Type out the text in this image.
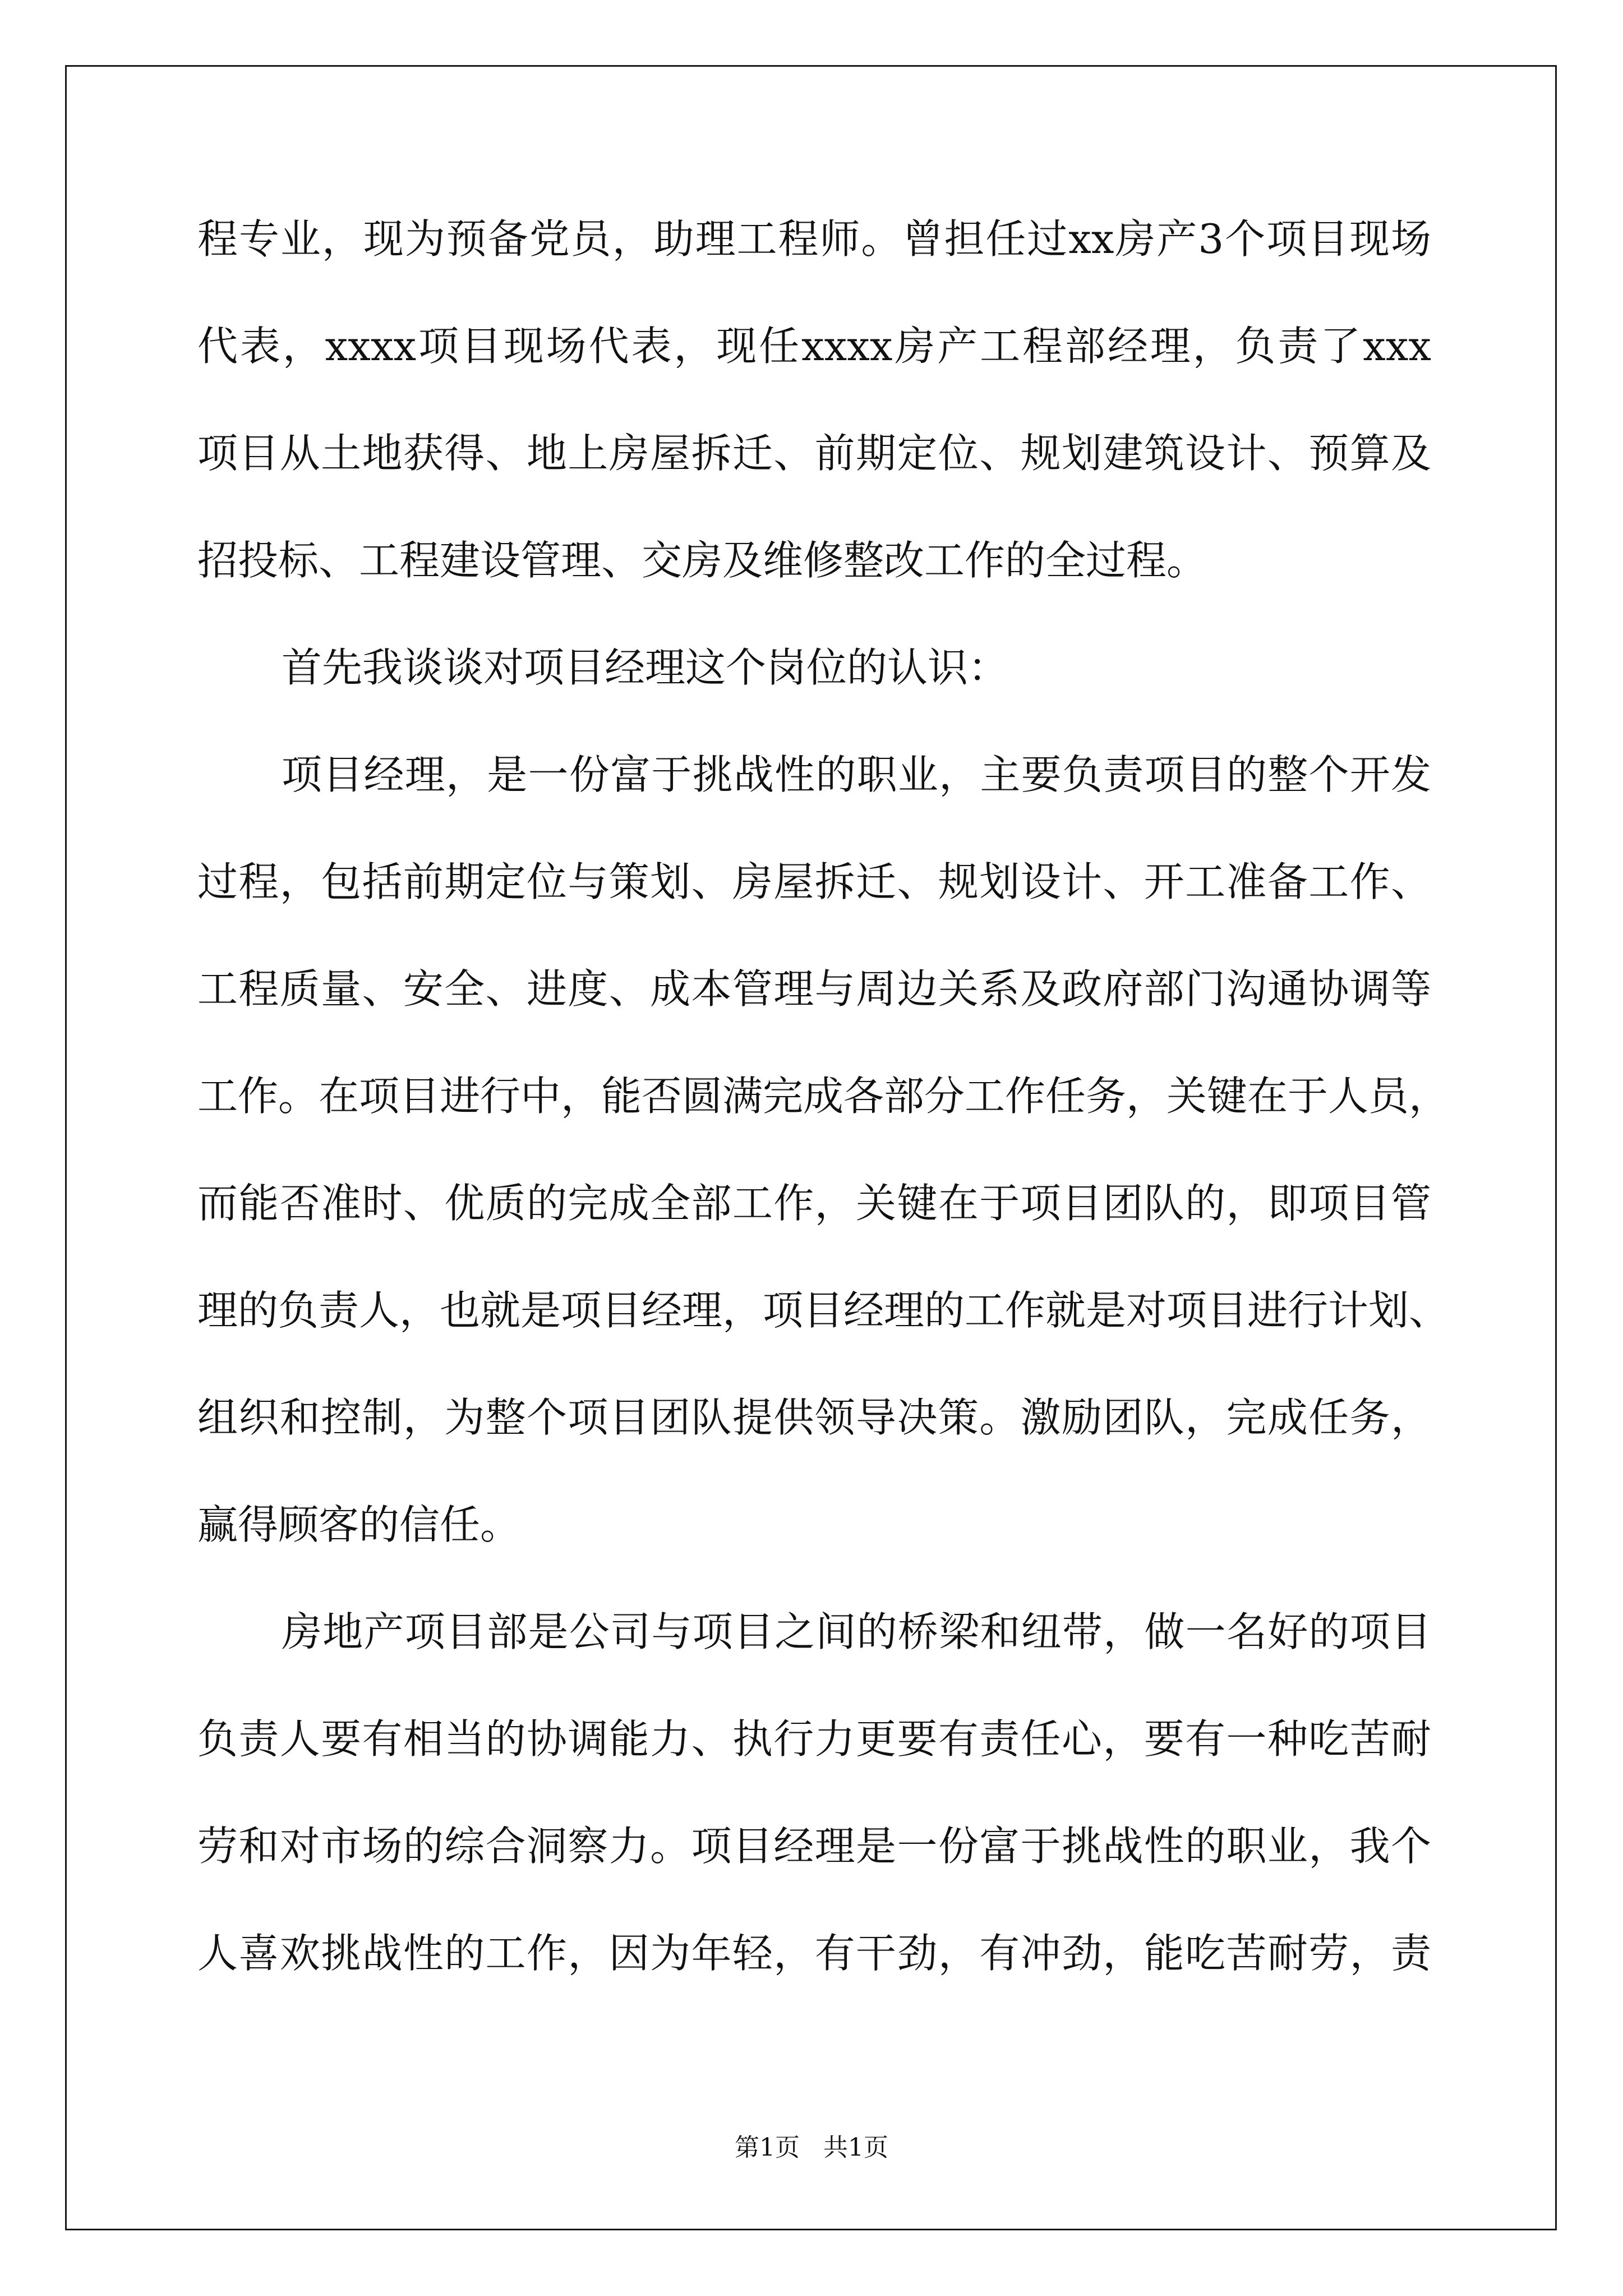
程专业，现为预备党员，助理工程师。曾担任过xx房产3个项目现场
代表，xxxx项目现场代表，现任xxxx房产工程部经理，负责了xxx
项目从土地获得、地上房屋拆迁、前期定位、规划建筑设计、预算及
招投标、工程建设管理、交房及维修整改工作的全过程。
首先我谈谈对项目经理这个岗位的认识：
项目经理，是一份富于挑战性的职业，主要负责项目的整个开发
过程，包括前期定位与策划、房屋拆迁、规划设计、开工准备工作、
工程质量、安全、进度、成本管理与周边关系及政府部门沟通协调等
工作。在项目进行中，能否圆满完成各部分工作任务，关键在于人员，
而能否准时、优质的完成全部工作，关键在于项目团队的，即项目管
理的负责人，也就是项目经理，项目经理的工作就是对项目进行计划、
组织和控制，为整个项目团队提供领导决策。激励团队，完成任务，
赢得顾客的信任。
房地产项目部是公司与项目之间的桥梁和纽带，做一名好的项目
负责人要有相当的协调能力、执行力更要有责任心，要有一种吃苦耐
劳和对市场的综合洞察力。项目经理是一份富于挑战性的职业，我个
人喜欢挑战性的工作，因为年轻，有干劲，有冲劲，能吃苦耐劳，责
第1页   共1页
